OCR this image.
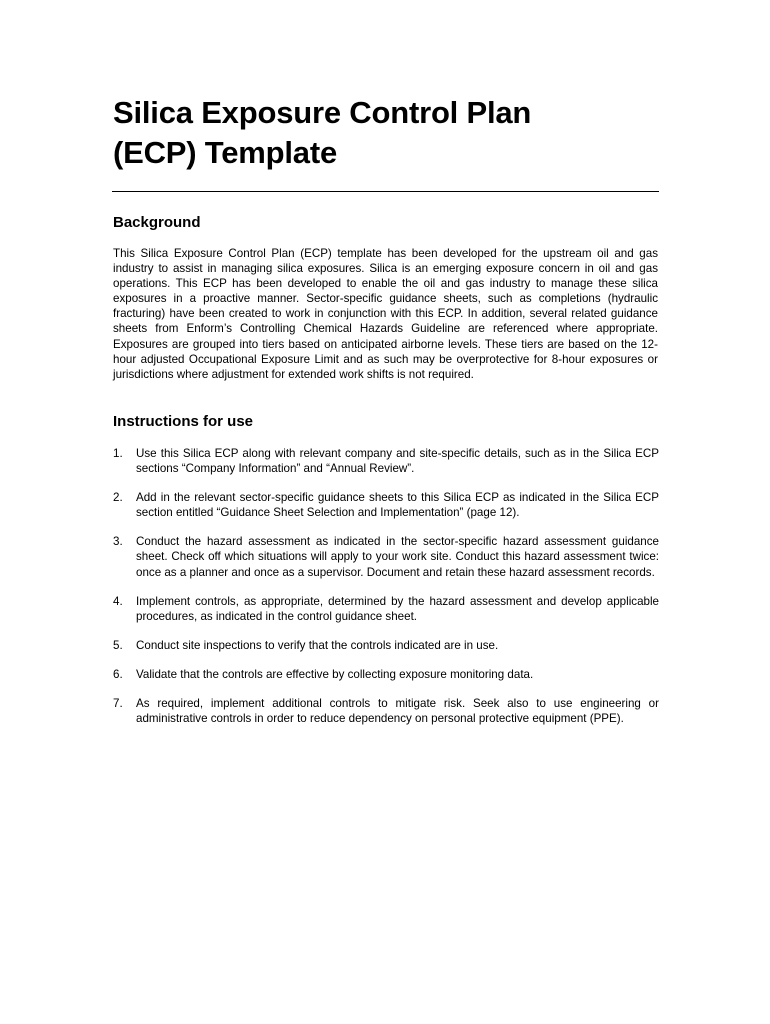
Silica Exposure Control Plan
(ECP) Template
Background

This Silica Exposure Control Plan (ECP) template has been developed for the upstream oil and gas industry to assist in managing silica exposures. Silica is an emerging exposure concern in oil and gas operations. This ECP has been developed to enable the oil and gas industry to manage these silica exposures in a proactive manner. Sector-specific guidance sheets, such as completions (hydraulic fracturing) have been created to work in conjunction with this ECP. In addition, several related guidance sheets from Enform’s Controlling Chemical Hazards Guideline are referenced where appropriate. Exposures are grouped into tiers based on anticipated airborne levels. These tiers are based on the 12-hour adjusted Occupational Exposure Limit and as such may be overprotective for 8-hour exposures or jurisdictions where adjustment for extended work shifts is not required.

Instructions for use
1. Use this Silica ECP along with relevant company and site-specific details, such as in the Silica ECP sections “Company Information” and “Annual Review”.
2. Add in the relevant sector-specific guidance sheets to this Silica ECP as indicated in the Silica ECP section entitled “Guidance Sheet Selection and Implementation” (page 12).
3. Conduct the hazard assessment as indicated in the sector-specific hazard assessment guidance sheet. Check off which situations will apply to your work site. Conduct this hazard assessment twice: once as a planner and once as a supervisor. Document and retain these hazard assessment records.
4. Implement controls, as appropriate, determined by the hazard assessment and develop applicable procedures, as indicated in the control guidance sheet.
5. Conduct site inspections to verify that the controls indicated are in use.
6. Validate that the controls are effective by collecting exposure monitoring data.
7. As required, implement additional controls to mitigate risk. Seek also to use engineering or administrative controls in order to reduce dependency on personal protective equipment (PPE).
